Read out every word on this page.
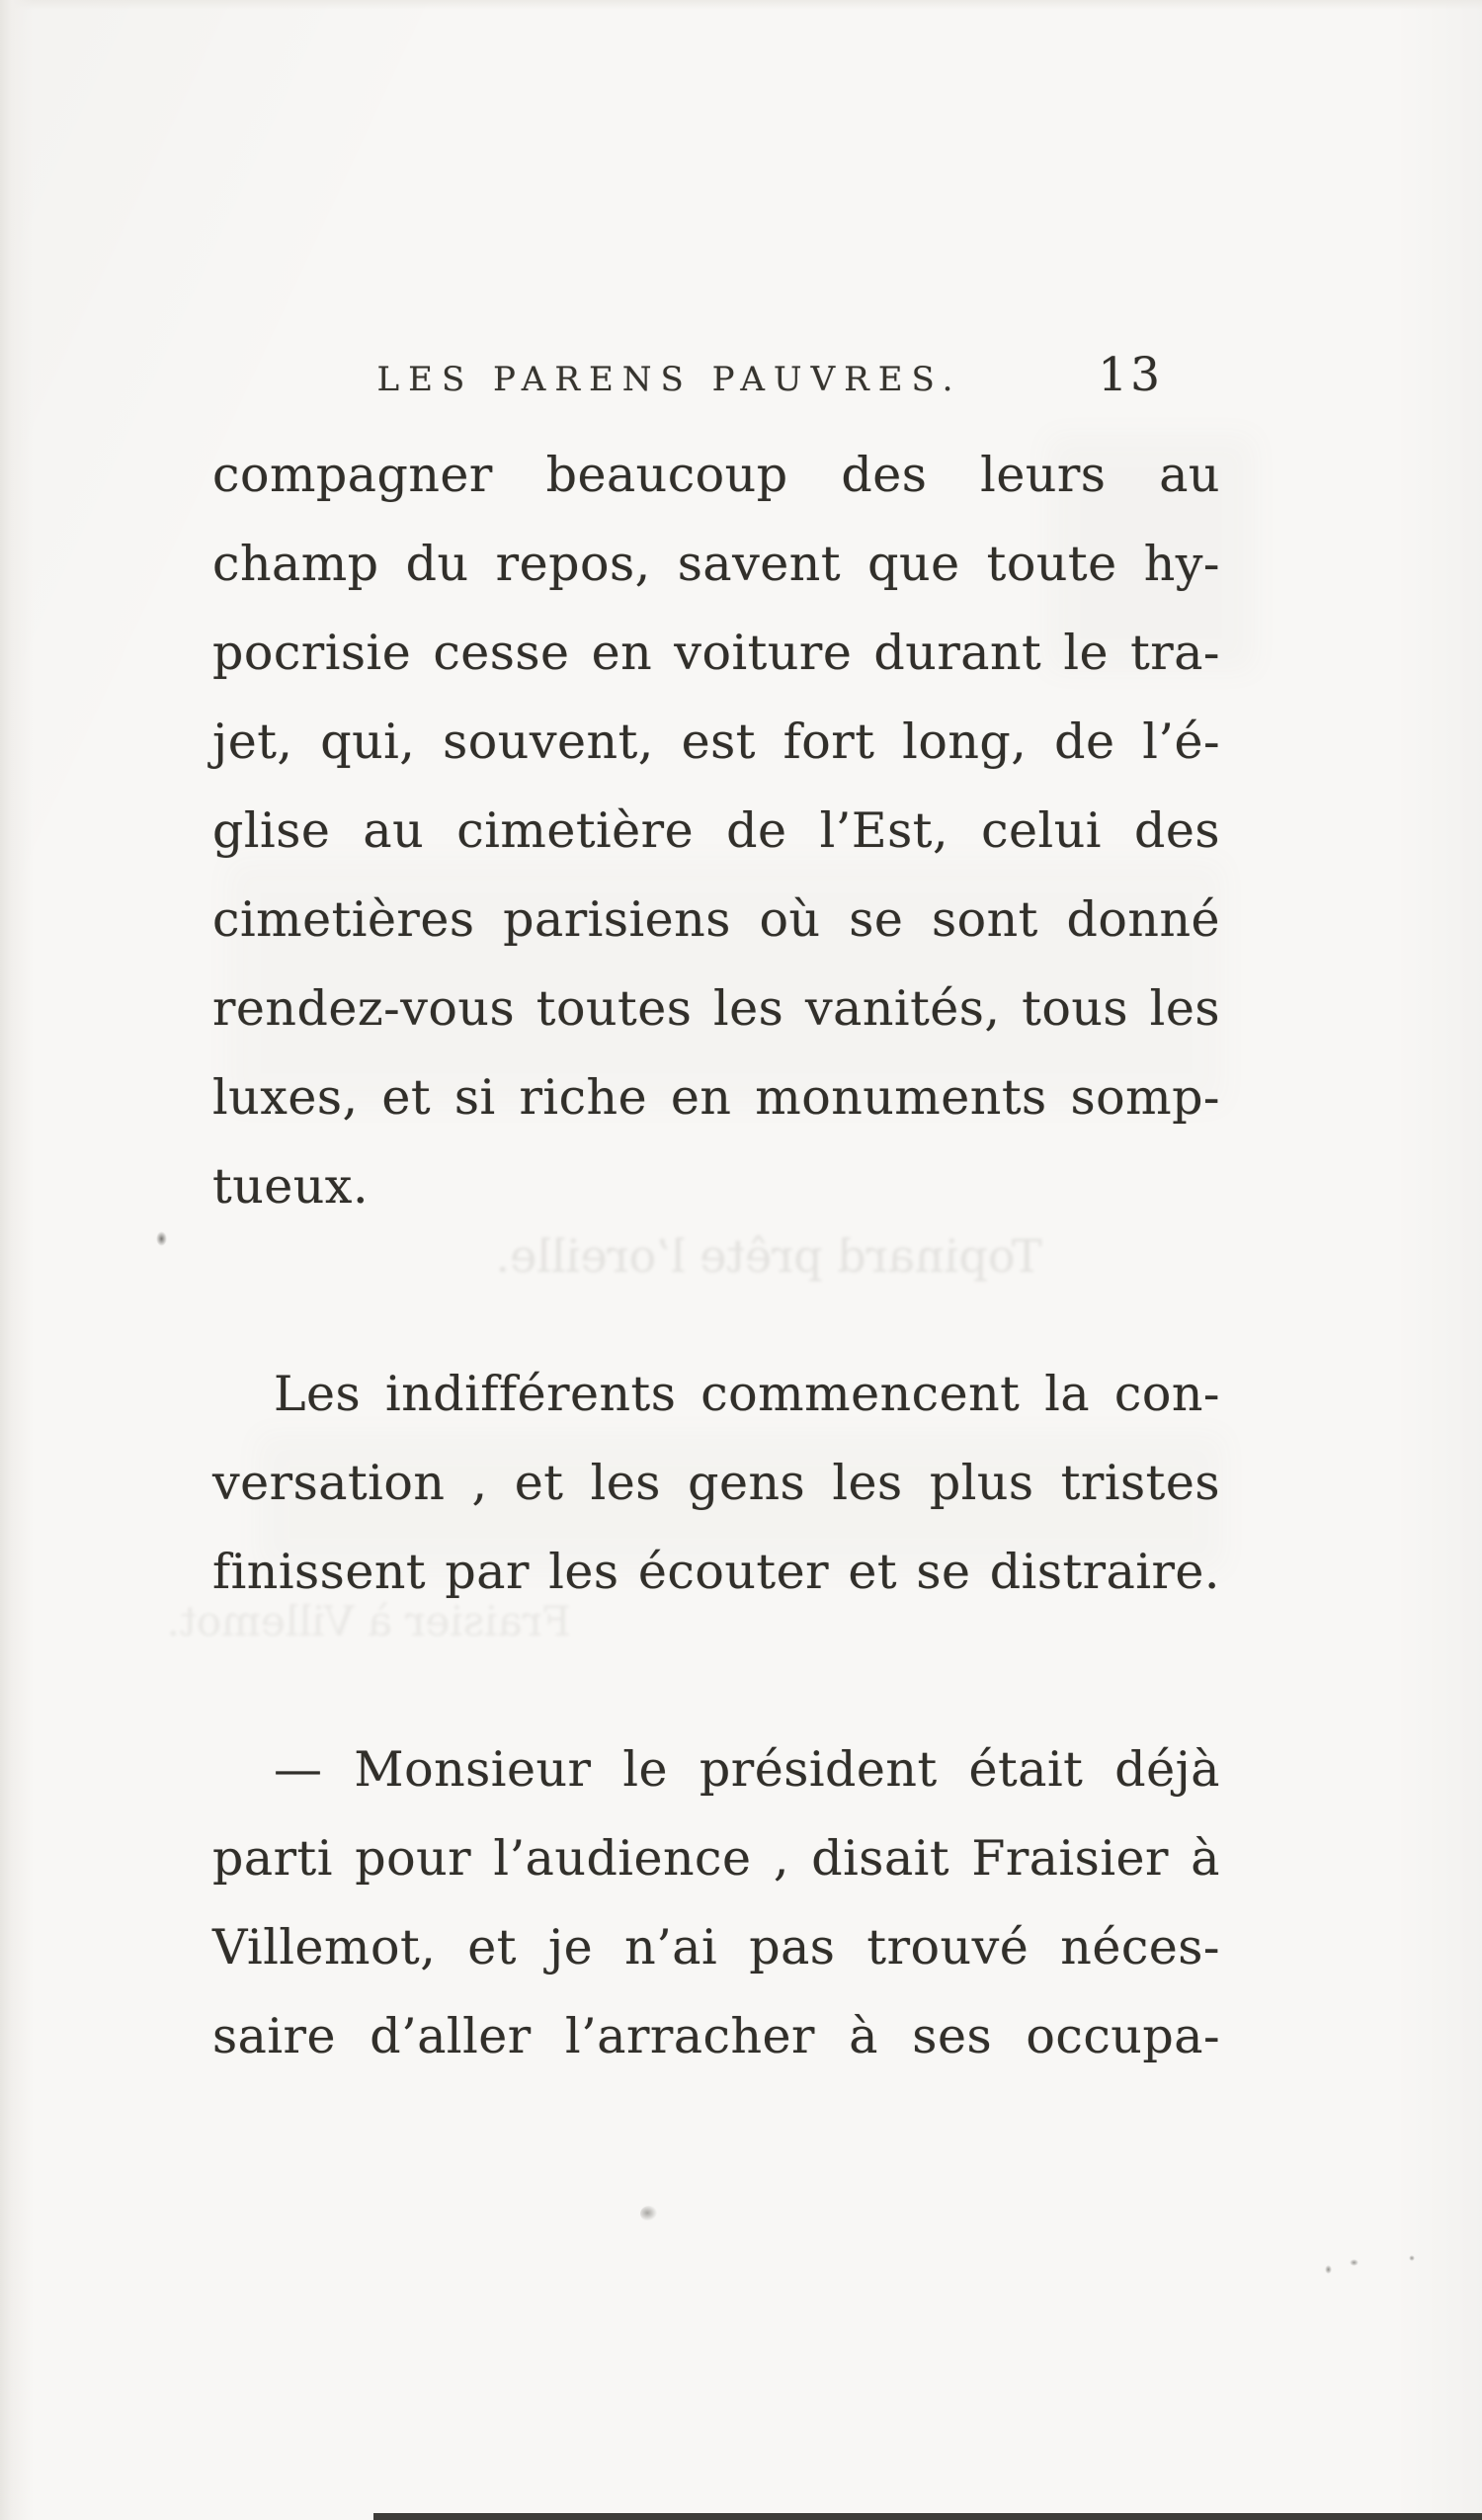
LES PARENS PAUVRES.	13
Topinard prête l’oreille.
Fraisier à Villemot.
compagner beaucoup des leurs au
champ du repos, savent que toute hy-
pocrisie cesse en voiture durant le tra-
jet, qui, souvent, est fort long, de l’é-
glise au cimetière de l’Est, celui des
cimetières parisiens où se sont donné
rendez-vous toutes les vanités, tous les
luxes, et si riche en monuments somp-
tueux.
Les indifférents commencent la con-
versation , et les gens les plus tristes
finissent par les écouter et se distraire.
— Monsieur le président était déjà
parti pour l’audience , disait Fraisier à
Villemot, et je n’ai pas trouvé néces-
saire d’aller l’arracher à ses occupa-
